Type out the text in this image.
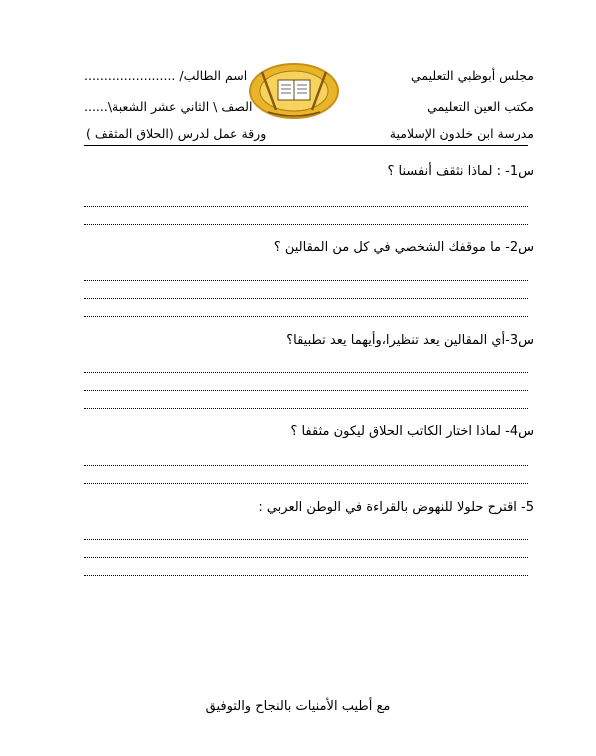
مجلس أبوظبي التعليمي
اسم الطالب/ .......................
مكتب العين التعليمي
الصف \ الثاني عشر الشعبة\......
مدرسة ابن خلدون الإسلامية
ورقة عمل لدرس (الحلاق المثقف )
س1- : لماذا نثقف أنفسنا ؟
س2- ما موقفك الشخصي في كل من المقالين ؟
س3-أي المقالين يعد تنظيرا،وأيهما يعد تطبيقا؟
س4- لماذا اختار الكاتب الحلاق ليكون مثقفا ؟
5- اقترح حلولا للنهوض بالقراءة في الوطن العربي :
مع أطيب الأمنيات بالنجاح والتوفيق
